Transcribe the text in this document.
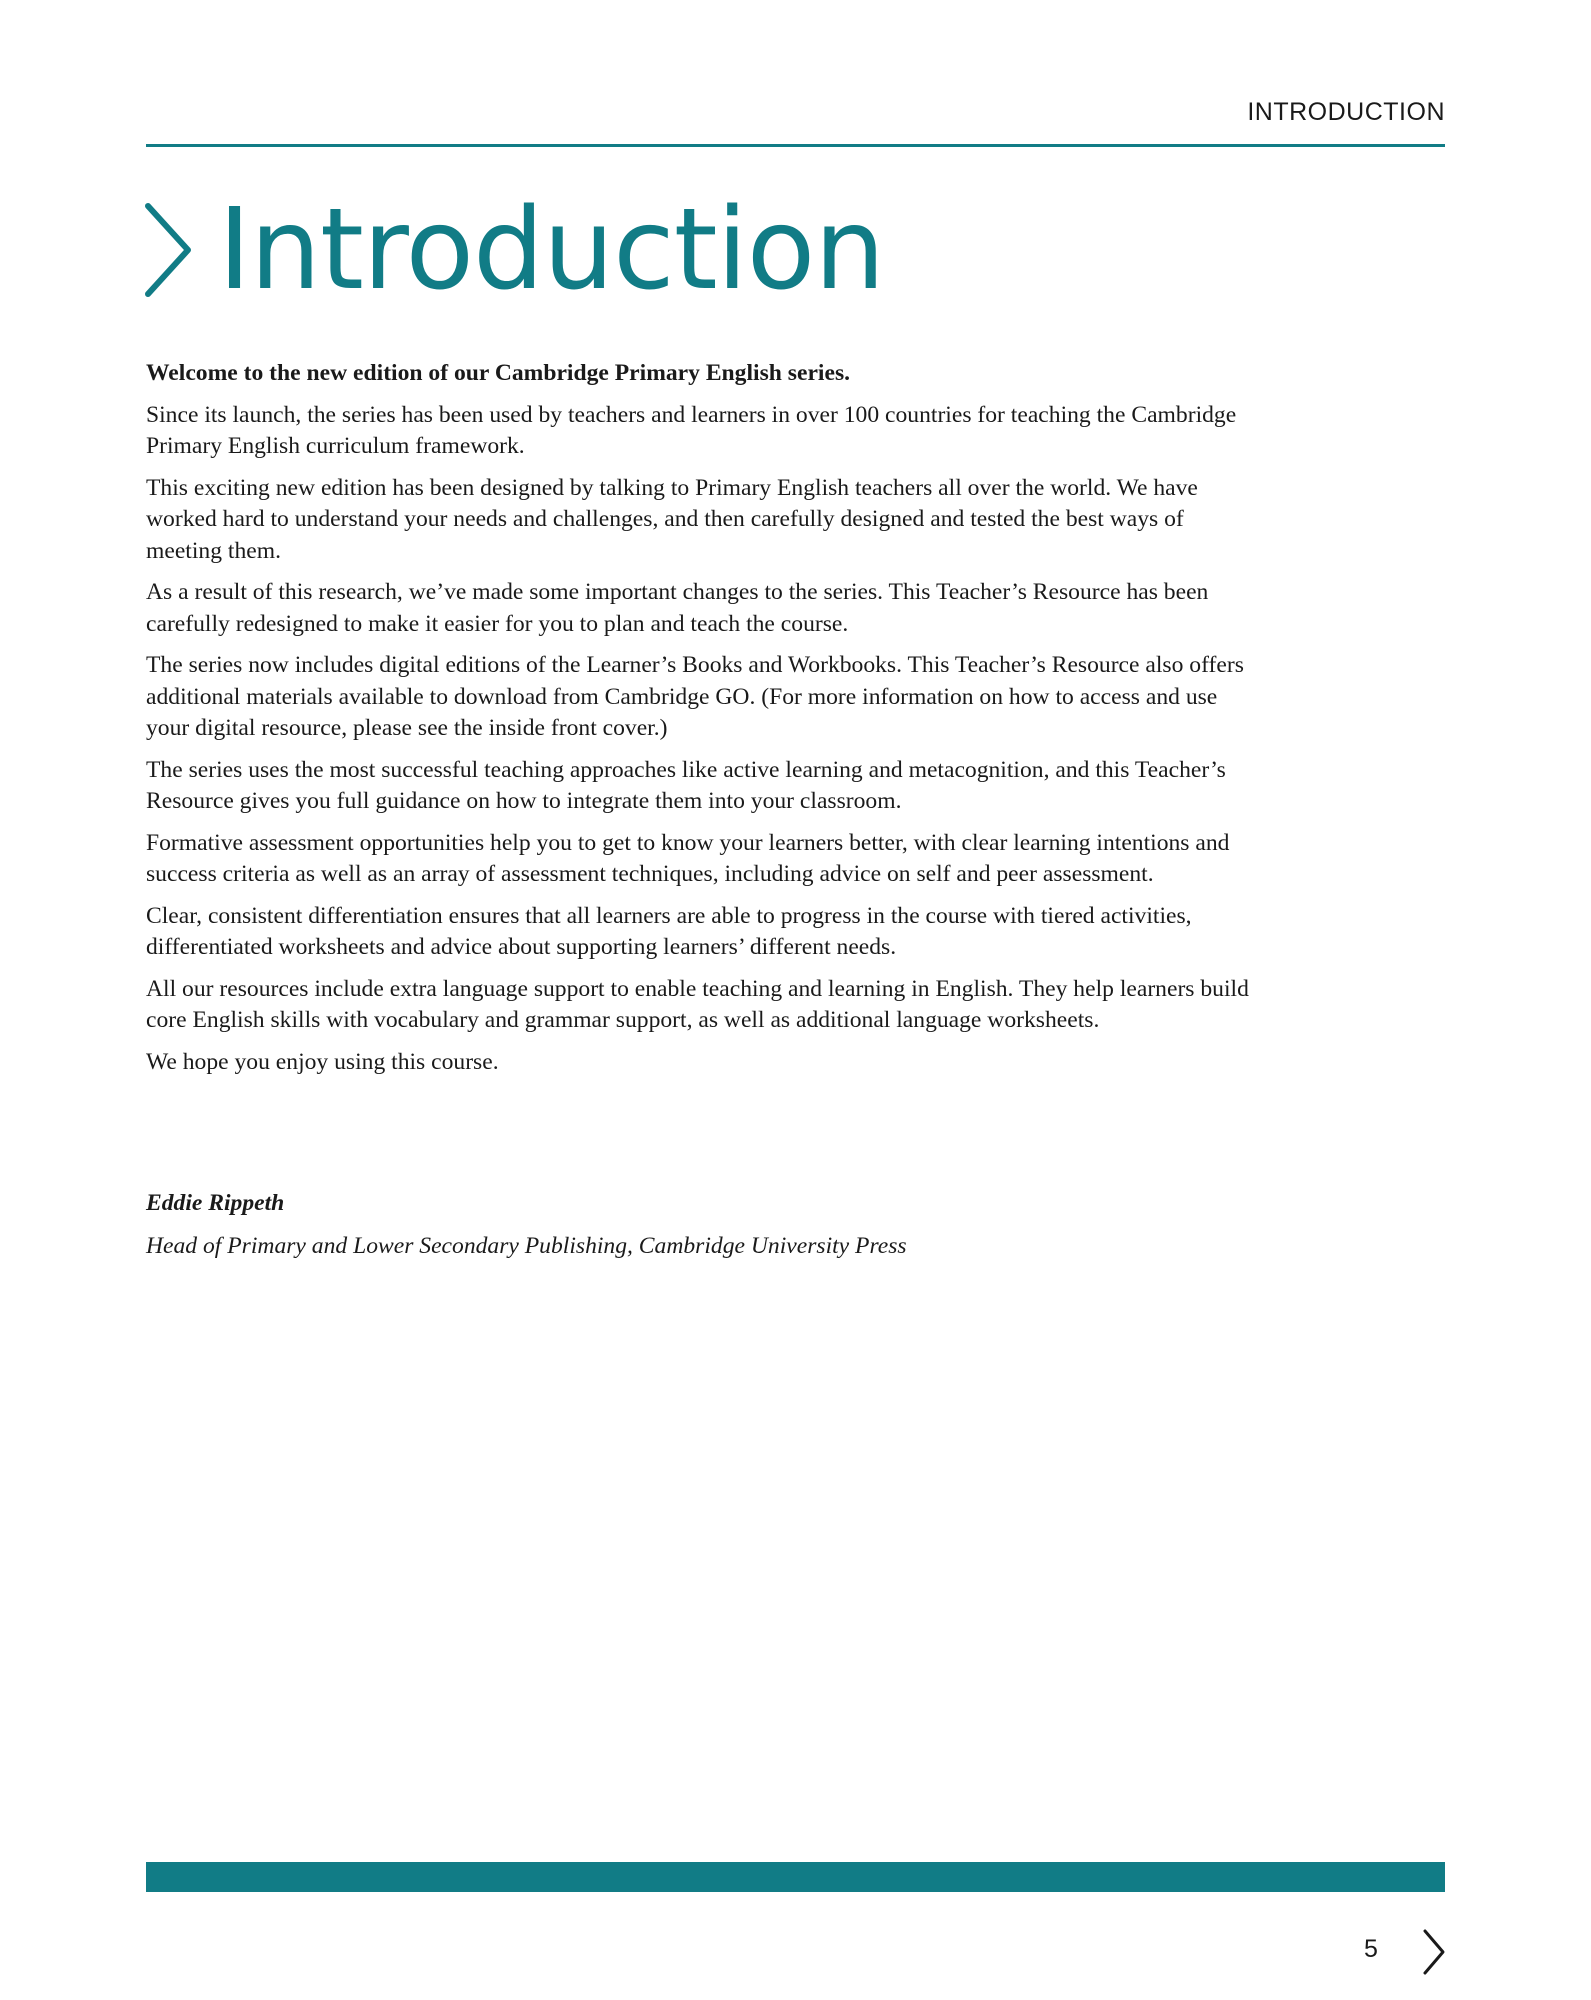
INTRODUCTION
Introduction

Welcome to the new edition of our Cambridge Primary English series.

Since its launch, the series has been used by teachers and learners in over 100 countries for teaching the Cambridge Primary English curriculum framework.

This exciting new edition has been designed by talking to Primary English teachers all over the world. We have worked hard to understand your needs and challenges, and then carefully designed and tested the best ways of meeting them.

As a result of this research, we’ve made some important changes to the series. This Teacher’s Resource has been carefully redesigned to make it easier for you to plan and teach the course.

The series now includes digital editions of the Learner’s Books and Workbooks. This Teacher’s Resource also offers additional materials available to download from Cambridge GO. (For more information on how to access and use your digital resource, please see the inside front cover.)

The series uses the most successful teaching approaches like active learning and metacognition, and this Teacher’s Resource gives you full guidance on how to integrate them into your classroom.

Formative assessment opportunities help you to get to know your learners better, with clear learning intentions and success criteria as well as an array of assessment techniques, including advice on self and peer assessment.

Clear, consistent differentiation ensures that all learners are able to progress in the course with tiered activities, differentiated worksheets and advice about supporting learners’ different needs.

All our resources include extra language support to enable teaching and learning in English. They help learners build core English skills with vocabulary and grammar support, as well as additional language worksheets.

We hope you enjoy using this course.

Eddie Rippeth

Head of Primary and Lower Secondary Publishing, Cambridge University Press

5
